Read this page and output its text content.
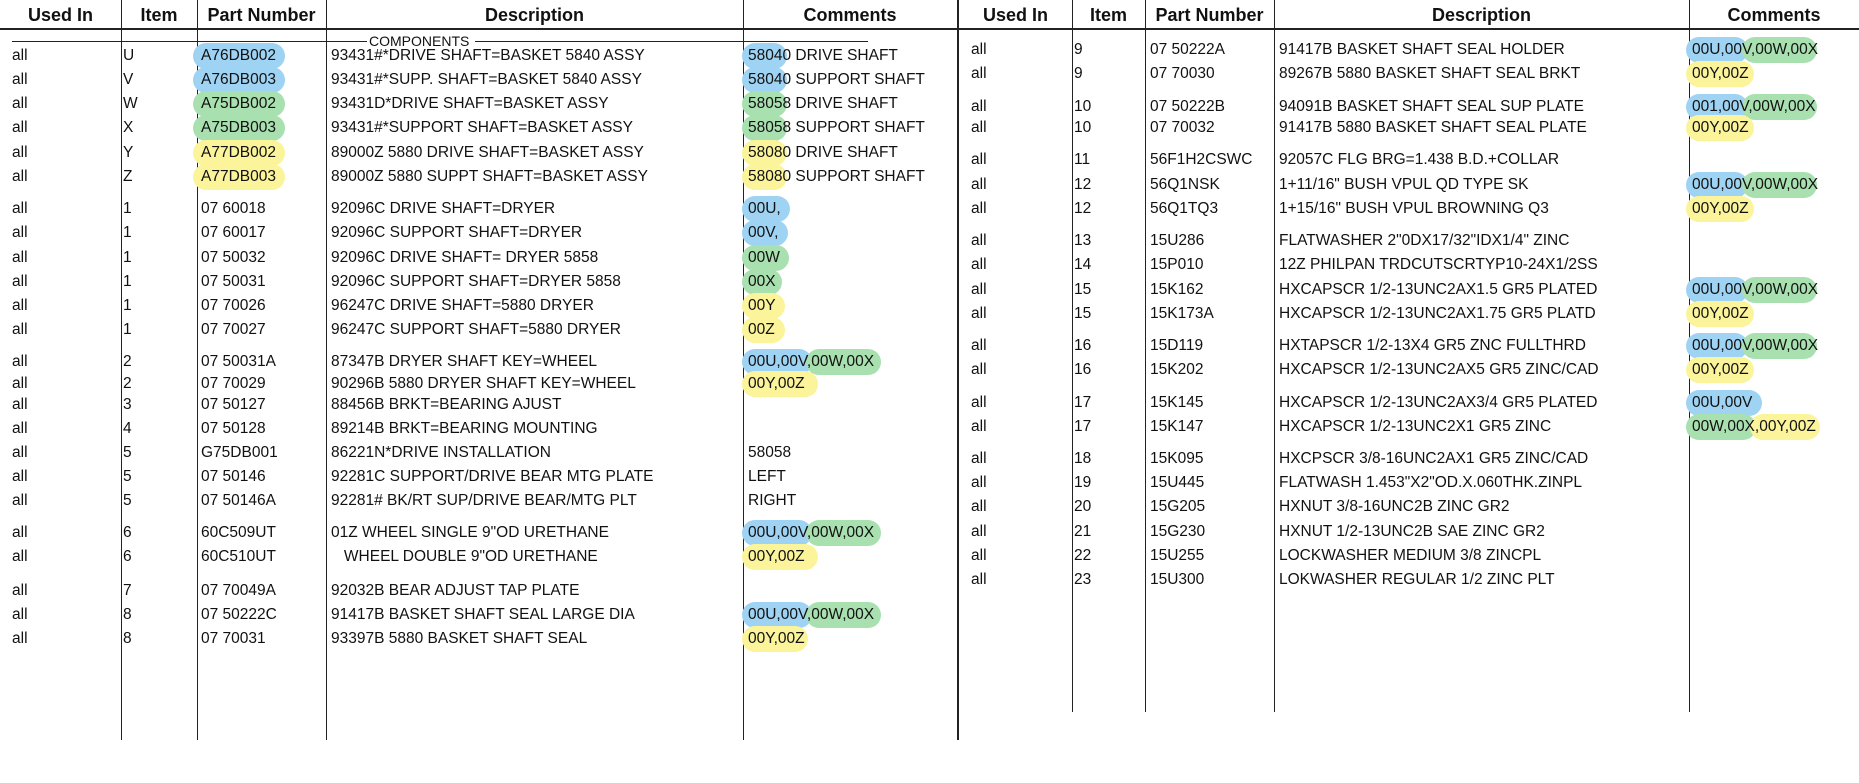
Used In	Item	Part Number	Description	Comments
COMPONENTS
all	U	A76DB002	93431#*DRIVE SHAFT=BASKET 5840 ASSY	58040 DRIVE SHAFT
all	V	A76DB003	93431#*SUPP. SHAFT=BASKET 5840 ASSY	58040 SUPPORT SHAFT
all	W	A75DB002	93431D*DRIVE SHAFT=BASKET ASSY	58058 DRIVE SHAFT
all	X	A75DB003	93431#*SUPPORT SHAFT=BASKET ASSY	58058 SUPPORT SHAFT
all	Y	A77DB002	89000Z 5880 DRIVE SHAFT=BASKET ASSY	58080 DRIVE SHAFT
all	Z	A77DB003	89000Z 5880 SUPPT SHAFT=BASKET ASSY	58080 SUPPORT SHAFT
all	1	07 60018	92096C DRIVE SHAFT=DRYER	00U,
all	1	07 60017	92096C SUPPORT SHAFT=DRYER	00V,
all	1	07 50032	92096C DRIVE SHAFT= DRYER 5858	00W
all	1	07 50031	92096C SUPPORT SHAFT=DRYER 5858	00X
all	1	07 70026	96247C DRIVE SHAFT=5880 DRYER	00Y
all	1	07 70027	96247C SUPPORT SHAFT=5880 DRYER	00Z
all	2	07 50031A	87347B DRYER SHAFT KEY=WHEEL	00U,00V,00W,00X
all	2	07 70029	90296B 5880 DRYER SHAFT KEY=WHEEL	00Y,00Z
all	3	07 50127	88456B BRKT=BEARING AJUST
all	4	07 50128	89214B BRKT=BEARING MOUNTING
all	5	G75DB001	86221N*DRIVE INSTALLATION	58058
all	5	07 50146	92281C SUPPORT/DRIVE BEAR MTG PLATE	LEFT
all	5	07 50146A	92281# BK/RT SUP/DRIVE BEAR/MTG PLT	RIGHT
all	6	60C509UT	01Z WHEEL SINGLE 9"OD URETHANE	00U,00V,00W,00X
all	6	60C510UT	WHEEL DOUBLE 9"OD URETHANE	00Y,00Z
all	7	07 70049A	92032B BEAR ADJUST TAP PLATE
all	8	07 50222C	91417B BASKET SHAFT SEAL LARGE DIA	00U,00V,00W,00X
all	8	07 70031	93397B 5880 BASKET SHAFT SEAL	00Y,00Z
Used In	Item	Part Number	Description	Comments
all	9	07 50222A	91417B BASKET SHAFT SEAL HOLDER	00U,00V,00W,00X
all	9	07 70030	89267B 5880 BASKET SHAFT SEAL BRKT	00Y,00Z
all	10	07 50222B	94091B BASKET SHAFT SEAL SUP PLATE	001,00V,00W,00X
all	10	07 70032	91417B 5880 BASKET SHAFT SEAL PLATE	00Y,00Z
all	11	56F1H2CSWC	92057C FLG BRG=1.438 B.D.+COLLAR
all	12	56Q1NSK	1+11/16" BUSH VPUL QD TYPE SK	00U,00V,00W,00X
all	12	56Q1TQ3	1+15/16" BUSH VPUL BROWNING Q3	00Y,00Z
all	13	15U286	FLATWASHER 2"0DX17/32"IDX1/4" ZINC
all	14	15P010	12Z PHILPAN TRDCUTSCRTYP10-24X1/2SS
all	15	15K162	HXCAPSCR 1/2-13UNC2AX1.5 GR5 PLATED	00U,00V,00W,00X
all	15	15K173A	HXCAPSCR 1/2-13UNC2AX1.75 GR5 PLATD	00Y,00Z
all	16	15D119	HXTAPSCR 1/2-13X4 GR5 ZNC FULLTHRD	00U,00V,00W,00X
all	16	15K202	HXCAPSCR 1/2-13UNC2AX5 GR5 ZINC/CAD	00Y,00Z
all	17	15K145	HXCAPSCR 1/2-13UNC2AX3/4 GR5 PLATED	00U,00V
all	17	15K147	HXCAPSCR 1/2-13UNC2X1 GR5 ZINC	00W,00X,00Y,00Z
all	18	15K095	HXCPSCR 3/8-16UNC2AX1 GR5 ZINC/CAD
all	19	15U445	FLATWASH 1.453"X2"OD.X.060THK.ZINPL
all	20	15G205	HXNUT 3/8-16UNC2B ZINC GR2
all	21	15G230	HXNUT 1/2-13UNC2B SAE ZINC GR2
all	22	15U255	LOCKWASHER MEDIUM 3/8 ZINCPL
all	23	15U300	LOKWASHER REGULAR 1/2 ZINC PLT
